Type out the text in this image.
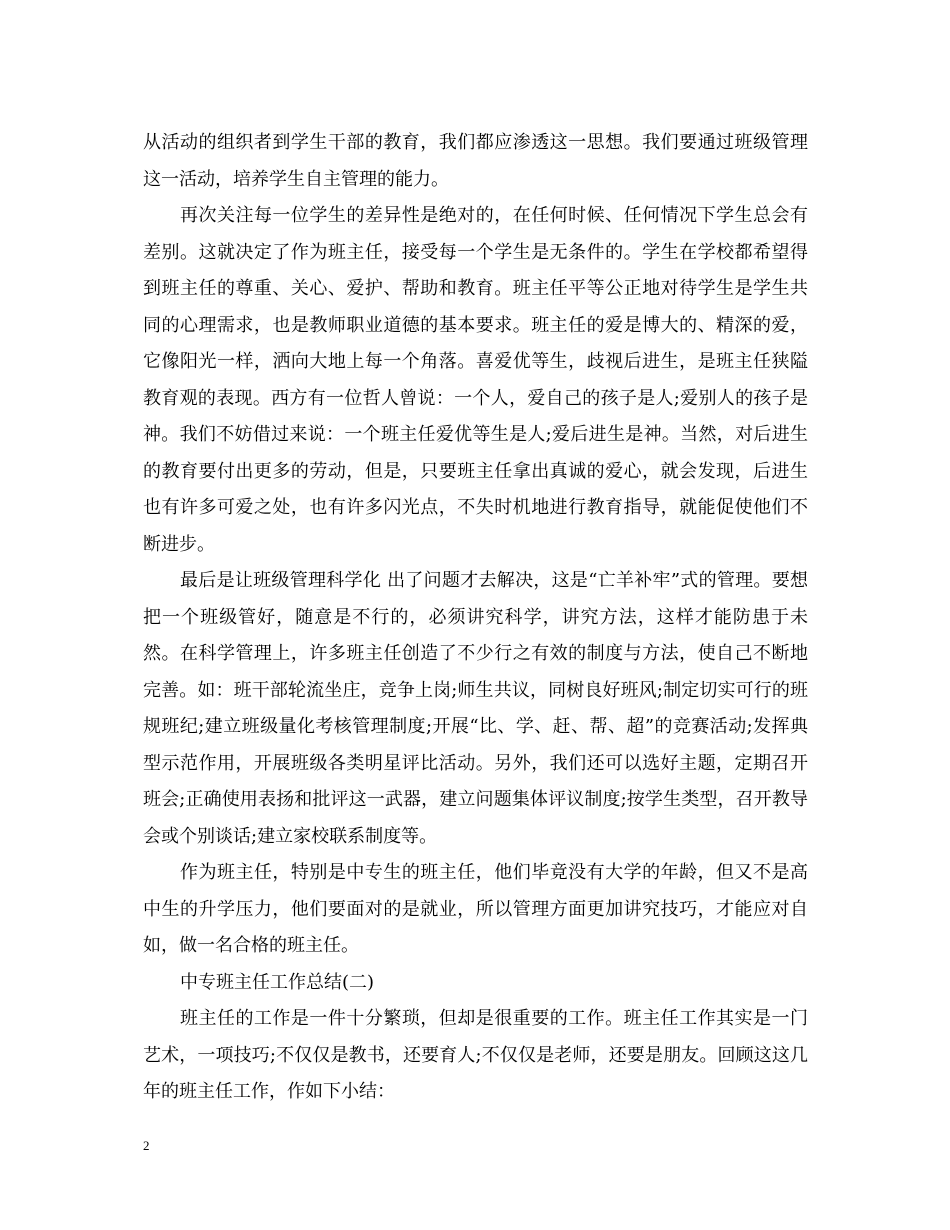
从活动的组织者到学生干部的教育，我们都应渗透这一思想。我们要通过班级管理这一活动，培养学生自主管理的能力。

再次关注每一位学生的差异性是绝对的，在任何时候、任何情况下学生总会有差别。这就决定了作为班主任，接受每一个学生是无条件的。学生在学校都希望得到班主任的尊重、关心、爱护、帮助和教育。班主任平等公正地对待学生是学生共同的心理需求，也是教师职业道德的基本要求。班主任的爱是博大的、精深的爱，它像阳光一样，洒向大地上每一个角落。喜爱优等生，歧视后进生，是班主任狭隘教育观的表现。西方有一位哲人曾说：一个人，爱自己的孩子是人;爱别人的孩子是神。我们不妨借过来说：一个班主任爱优等生是人;爱后进生是神。当然，对后进生的教育要付出更多的劳动，但是，只要班主任拿出真诚的爱心，就会发现，后进生也有许多可爱之处，也有许多闪光点，不失时机地进行教育指导，就能促使他们不断进步。

最后是让班级管理科学化 出了问题才去解决，这是“亡羊补牢”式的管理。要想把一个班级管好，随意是不行的，必须讲究科学，讲究方法，这样才能防患于未然。在科学管理上，许多班主任创造了不少行之有效的制度与方法，使自己不断地完善。如：班干部轮流坐庄，竞争上岗;师生共议，同树良好班风;制定切实可行的班规班纪;建立班级量化考核管理制度;开展“比、学、赶、帮、超”的竞赛活动;发挥典型示范作用，开展班级各类明星评比活动。另外，我们还可以选好主题，定期召开班会;正确使用表扬和批评这一武器，建立问题集体评议制度;按学生类型，召开教导会或个别谈话;建立家校联系制度等。

作为班主任，特别是中专生的班主任，他们毕竟没有大学的年龄，但又不是高中生的升学压力，他们要面对的是就业，所以管理方面更加讲究技巧，才能应对自如，做一名合格的班主任。

中专班主任工作总结(二)

班主任的工作是一件十分繁琐，但却是很重要的工作。班主任工作其实是一门艺术，一项技巧;不仅仅是教书，还要育人;不仅仅是老师，还要是朋友。回顾这这几年的班主任工作，作如下小结：

2
